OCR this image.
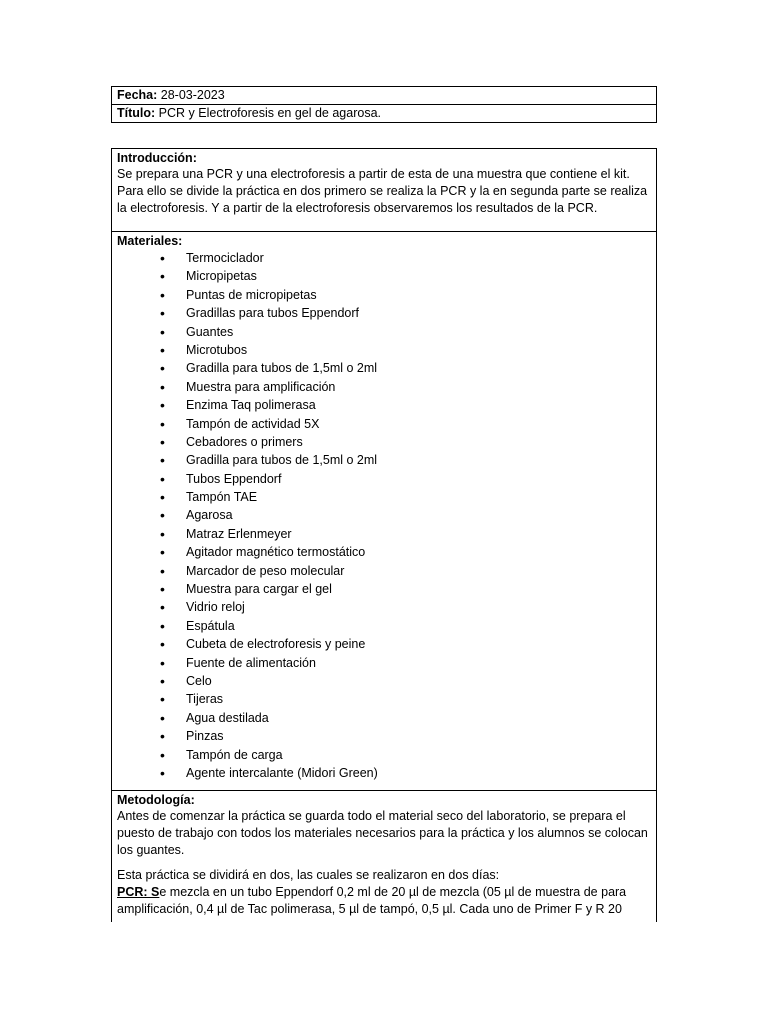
Fecha: 28-03-2023
Título: PCR y Electroforesis en gel de agarosa.
Introducción:

Se prepara una PCR y una electroforesis a partir de esta de una muestra que contiene el kit. Para ello se divide la práctica en dos primero se realiza la PCR y la en segunda parte se realiza la electroforesis. Y a partir de la electroforesis observaremos los resultados de la PCR.

Materiales:
• Termociclador
• Micropipetas
• Puntas de micropipetas
• Gradillas para tubos Eppendorf
• Guantes
• Microtubos
• Gradilla para tubos de 1,5ml o 2ml
• Muestra para amplificación
• Enzima Taq polimerasa
• Tampón de actividad 5X
• Cebadores o primers
• Gradilla para tubos de 1,5ml o 2ml
• Tubos Eppendorf
• Tampón TAE
• Agarosa
• Matraz Erlenmeyer
• Agitador magnético termostático
• Marcador de peso molecular
• Muestra para cargar el gel
• Vidrio reloj
• Espátula
• Cubeta de electroforesis y peine
• Fuente de alimentación
• Celo
• Tijeras
• Agua destilada
• Pinzas
• Tampón de carga
• Agente intercalante (Midori Green)
Metodología:

Antes de comenzar la práctica se guarda todo el material seco del laboratorio, se prepara el puesto de trabajo con todos los materiales necesarios para la práctica y los alumnos se colocan los guantes.

Esta práctica se dividirá en dos, las cuales se realizaron en dos días:

PCR: Se mezcla en un tubo Eppendorf 0,2 ml de 20 µl de mezcla (05 µl de muestra de para amplificación, 0,4 µl de Tac polimerasa, 5 µl de tampó, 0,5 µl. Cada uno de Primer F y R 20
